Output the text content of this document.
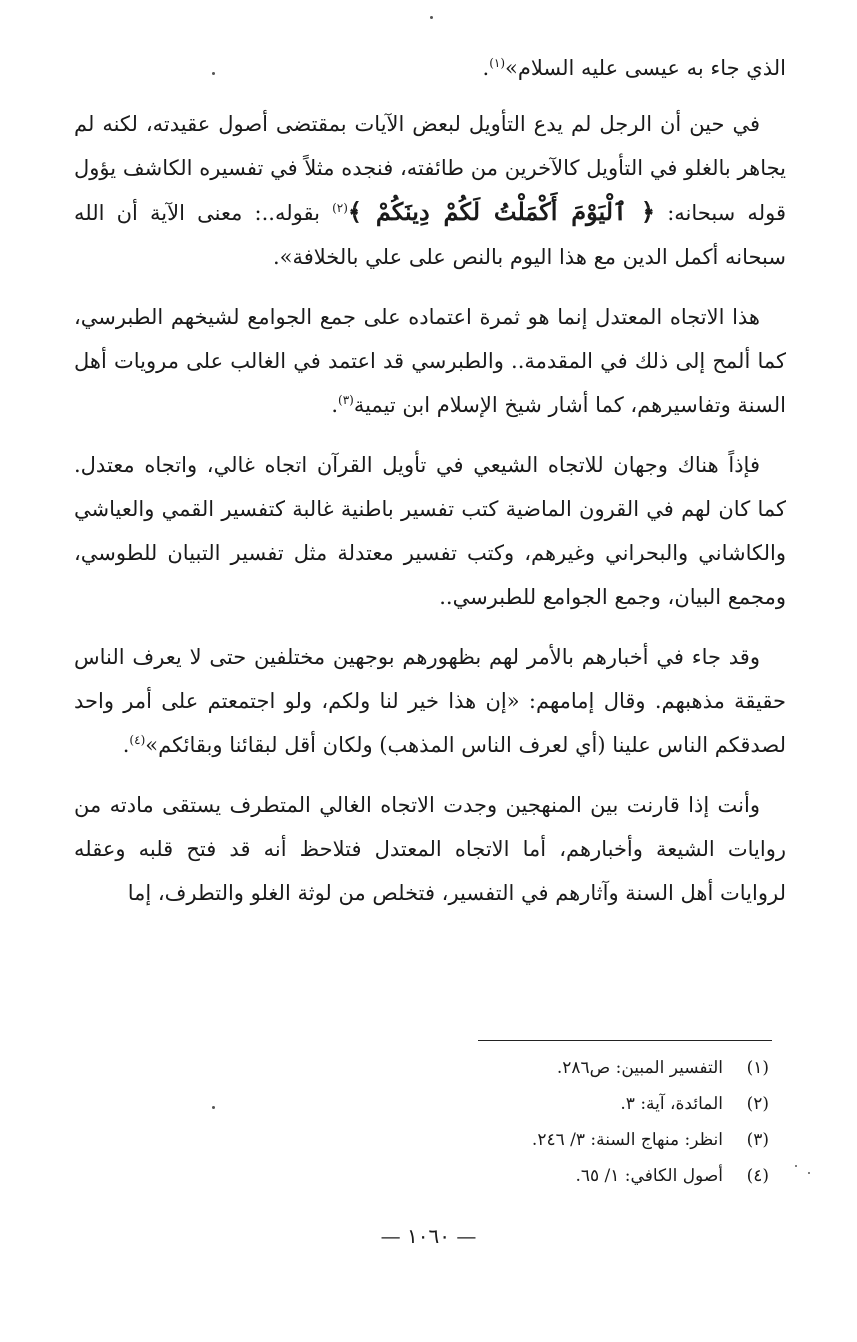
الذي جاء به عيسى عليه السلام»$^{(١)}$.

في حين أن الرجل لم يدع التأويل لبعض الآيات بمقتضى أصول عقيدته، لكنه لم يجاهر بالغلو في التأويل كالآخرين من طائفته، فنجده مثلاً في تفسيره الكاشف يؤول قوله سبحانه: ﴿ ٱلْيَوْمَ أَكْمَلْتُ لَكُمْ دِينَكُمْ ﴾$^{(٢)}$ بقوله..: معنى الآية أن الله سبحانه أكمل الدين مع هذا اليوم بالنص على علي بالخلافة».

هذا الاتجاه المعتدل إنما هو ثمرة اعتماده على جمع الجوامع لشيخهم الطبرسي، كما ألمح إلى ذلك في المقدمة.. والطبرسي قد اعتمد في الغالب على مرويات أهل السنة وتفاسيرهم، كما أشار شيخ الإسلام ابن تيمية$^{(٣)}$.

فإذاً هناك وجهان للاتجاه الشيعي في تأويل القرآن اتجاه غالي، واتجاه معتدل. كما كان لهم في القرون الماضية كتب تفسير باطنية غالبة كتفسير القمي والعياشي والكاشاني والبحراني وغيرهم، وكتب تفسير معتدلة مثل تفسير التبيان للطوسي، ومجمع البيان، وجمع الجوامع للطبرسي..

وقد جاء في أخبارهم بالأمر لهم بظهورهم بوجهين مختلفين حتى لا يعرف الناس حقيقة مذهبهم. وقال إمامهم: «إن هذا خير لنا ولكم، ولو اجتمعتم على أمر واحد لصدقكم الناس علينا (أي لعرف الناس المذهب) ولكان أقل لبقائنا وبقائكم»$^{(٤)}$.

وأنت إذا قارنت بين المنهجين وجدت الاتجاه الغالي المتطرف يستقى مادته من روايات الشيعة وأخبارهم، أما الاتجاه المعتدل فتلاحظ أنه قد فتح قلبه وعقله لروايات أهل السنة وآثارهم في التفسير، فتخلص من لوثة الغلو والتطرف، إما

(١)التفسير المبين: ص٢٨٦.
(٢)المائدة، آية: ٣.
(٣)انظر: منهاج السنة: ٣/ ٢٤٦.
(٤)أصول الكافي: ١/ ٦٥.
— ١٠٦٠ —
